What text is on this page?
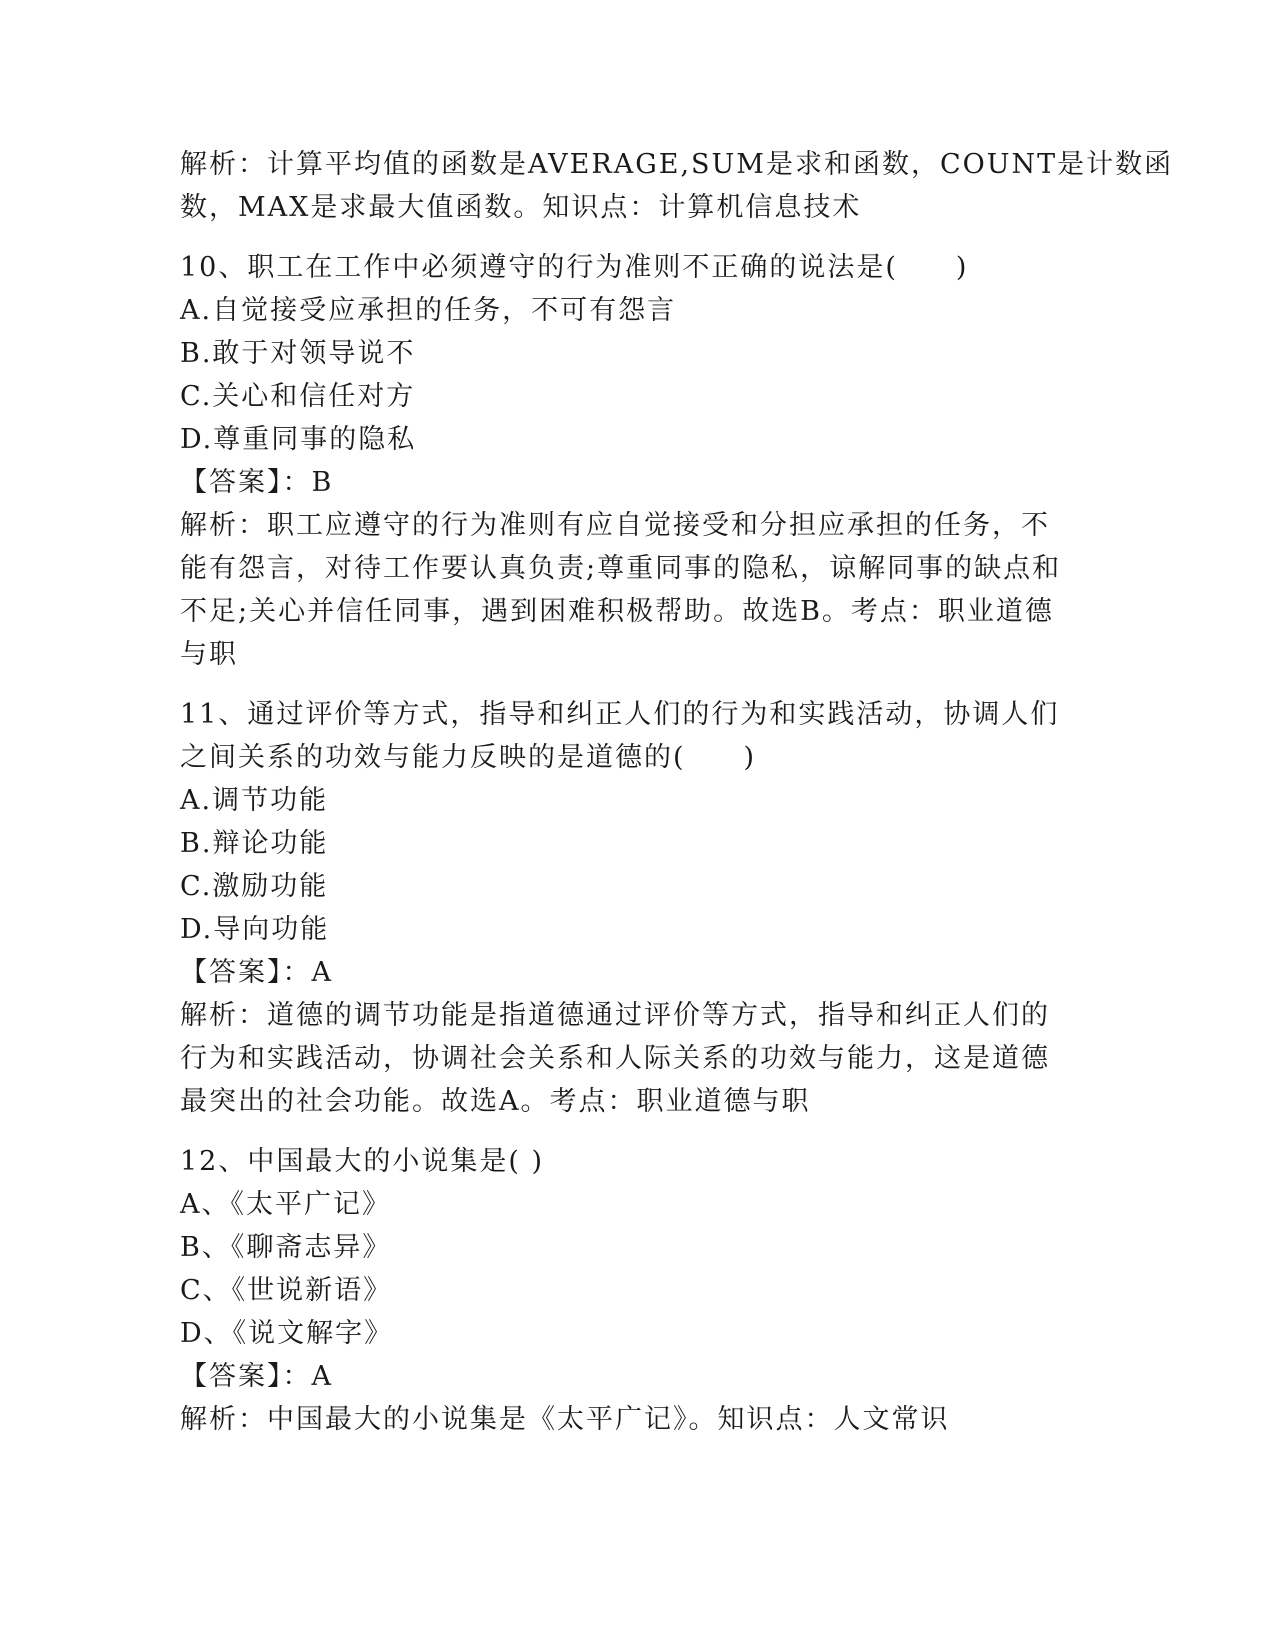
解析：计算平均值的函数是AVERAGE,SUM是求和函数，COUNT是计数函
数，MAX是求最大值函数。知识点：计算机信息技术
10、职工在工作中必须遵守的行为准则不正确的说法是(　　)
A.自觉接受应承担的任务，不可有怨言
B.敢于对领导说不
C.关心和信任对方
D.尊重同事的隐私
【答案】：B
解析：职工应遵守的行为准则有应自觉接受和分担应承担的任务，不
能有怨言，对待工作要认真负责;尊重同事的隐私，谅解同事的缺点和
不足;关心并信任同事，遇到困难积极帮助。故选B。考点：职业道德
与职
11、通过评价等方式，指导和纠正人们的行为和实践活动，协调人们
之间关系的功效与能力反映的是道德的(　　)
A.调节功能
B.辩论功能
C.激励功能
D.导向功能
【答案】：A
解析：道德的调节功能是指道德通过评价等方式，指导和纠正人们的
行为和实践活动，协调社会关系和人际关系的功效与能力，这是道德
最突出的社会功能。故选A。考点：职业道德与职
12、中国最大的小说集是( )
A、《太平广记》
B、《聊斋志异》
C、《世说新语》
D、《说文解字》
【答案】：A
解析：中国最大的小说集是《太平广记》。知识点：人文常识
